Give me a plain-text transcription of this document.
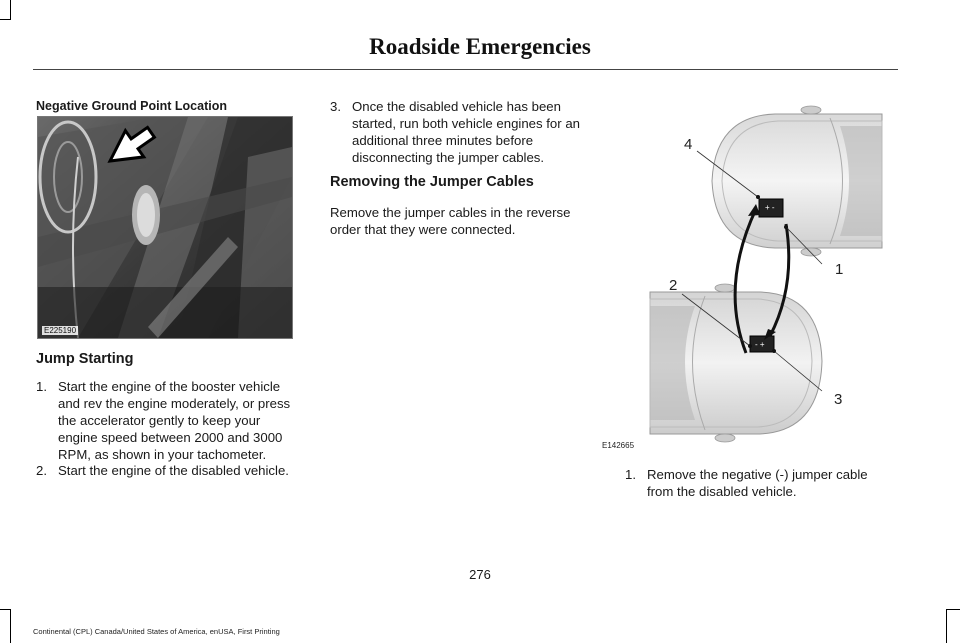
Roadside Emergencies
Negative Ground Point Location
E225190
Jump Starting
1. Start the engine of the booster vehicle
and rev the engine moderately, or press
the accelerator gently to keep your
engine speed between 2000 and 3000
RPM, as shown in your tachometer.
2. Start the engine of the disabled vehicle.
3. Once the disabled vehicle has been
started, run both vehicle engines for an
additional three minutes before
disconnecting the jumper cables.
Removing the Jumper Cables
Remove the jumper cables in the reverse
order that they were connected.
+ -
- +
4
1
2
3
E142665
1. Remove the negative (-) jumper cable
from the disabled vehicle.
276
Continental (CPL) Canada/United States of America, enUSA, First Printing
